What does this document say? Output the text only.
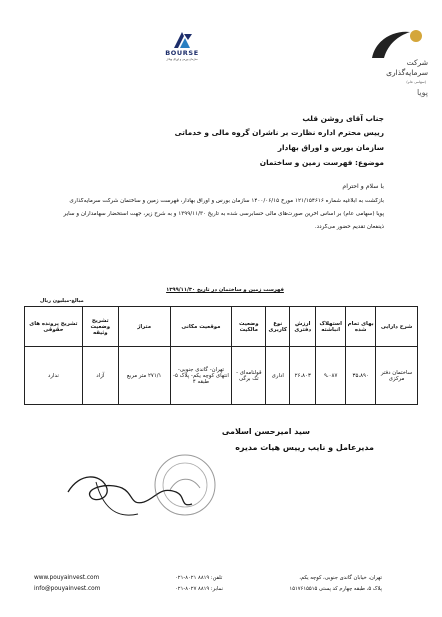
BOURSE
سازمان بورس و اوراق بهادار	شرکت
سرمایه‌گذاری
(سهامی عام)
پویا
جناب آقای روشن قلب
رییس محترم اداره نظارت بر ناشران گروه مالی و خدماتی
سازمان بورس و اوراق بهادار
موضوع: فهرست زمین و ساختمان
با سلام و احترام
بازگشت به ابلاغیه شماره ۱۲۱/۱۵۴۶۱۶ مورخ ۱۴۰۰/۰۶/۱۵ سازمان بورس و اوراق بهادار، فهرست زمین و ساختمان شرکت سرمایه‌گذاری
پویا (سهامی عام) بر اساس آخرین صورت‌های مالی حسابرسی شده به تاریخ ۱۳۹۹/۱۱/۳۰ و به شرح زیر، جهت استحضار سهامداران و سایر
ذینفعان تقدیم حضور می‌گردد.
فهرست زمین و ساختمان در تاریخ ۱۳۹۹/۱۱/۳۰
مبالغ-میلیون ریال
شرح دارایی	بهای تمام شده	استهلاک انباشته	ارزش دفتری	نوع کاربری	وضعیت مالکیت	موقعیت مکانی	متراژ	تشریح وضعیت وثیقه	تشریح پرونده های حقوقی
ساختمان دفتر مرکزی	۳۵،۸۹۰	۹،۰۸۷	۲۶،۸۰۳	اداری	قولنامه‌ای - تک برگی	تهران- گاندی جنوبی- انتهای کوچه یکم- پلاک ۵- طبقه ۴	۲۷۱/۱ متر مربع	آزاد	ندارد
سید امیرحسن اسلامی
مدیرعامل و نایب رییس هیات مدیره
www.pouyainvest.com
info@pouyainvest.com
تلفن: ۸۸۱۹ ۸۰۲۱-۰۲۱
نمابر: ۸۸۱۹ ۸۰۲۷-۰۲۱
تهران، خیابان گاندی جنوبی، کوچه یکم،
پلاک ۵، طبقه چهارم کد پستی ۱۵۱۷۶۱۵۵۱۵
